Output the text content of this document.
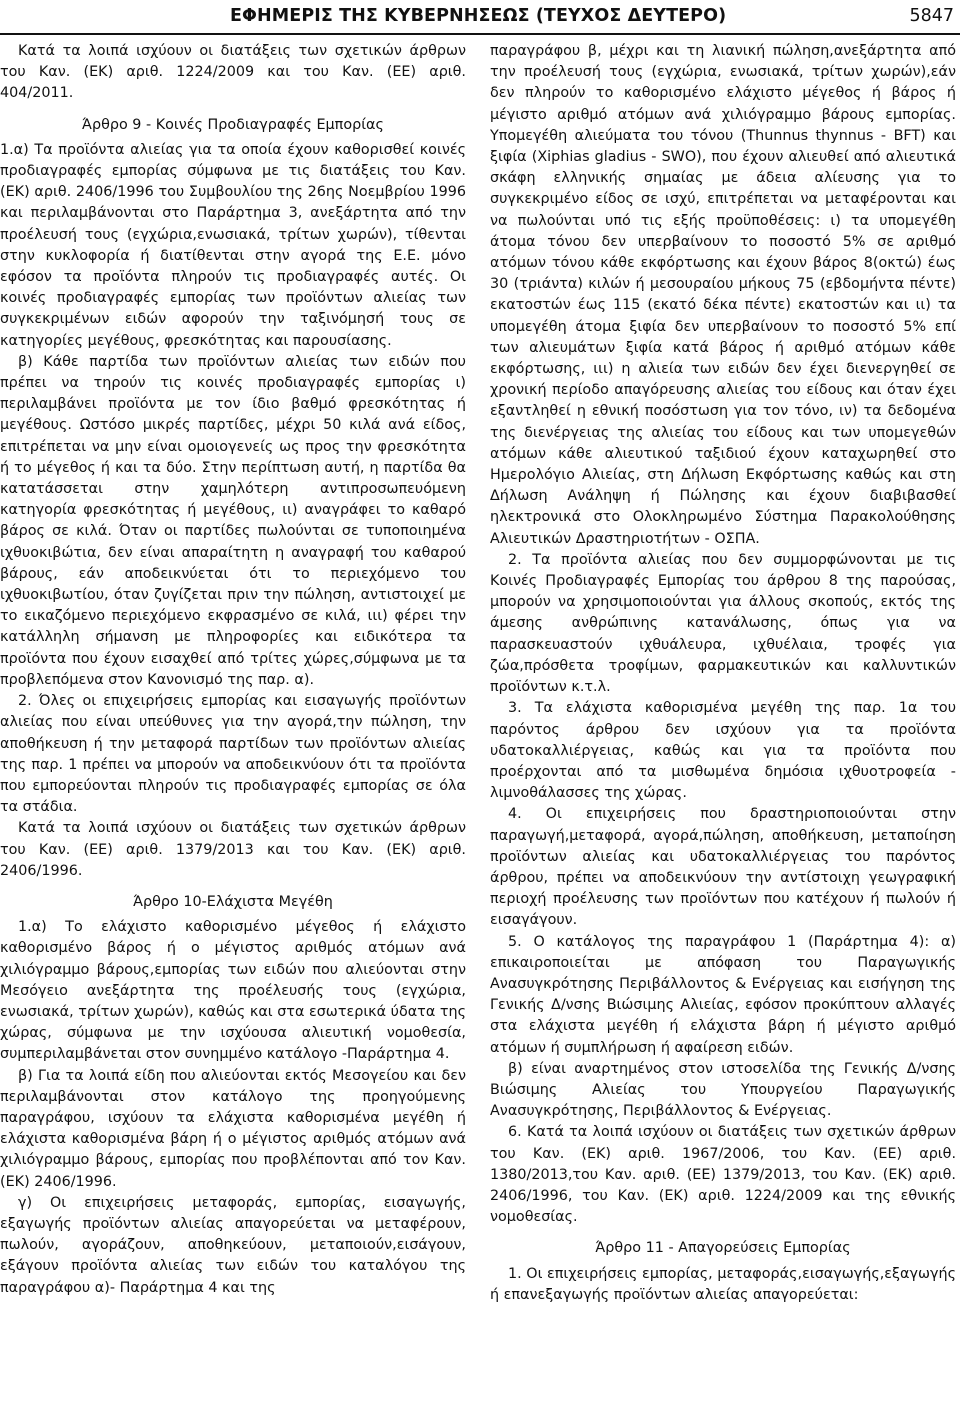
ΕΦΗΜΕΡΙΣ ΤΗΣ ΚΥΒΕΡΝΗΣΕΩΣ (ΤΕΥΧΟΣ ΔΕΥΤΕΡΟ)	5847

Κατά τα λοιπά ισχύουν οι διατάξεις των σχετικών άρθρων του Καν. (ΕΚ) αριθ. 1224/2009 και του Καν. (ΕΕ) αριθ. 404/2011.

Άρθρο 9 - Κοινές Προδιαγραφές Εμπορίας

1.α) Τα προϊόντα αλιείας για τα οποία έχουν καθορισθεί κοινές προδιαγραφές εμπορίας σύμφωνα με τις διατάξεις του Καν. (ΕΚ) αριθ. 2406/1996 του Συμβουλίου της 26ης Νοεμβρίου 1996 και περιλαμβάνονται στο Παράρτημα 3, ανεξάρτητα από την προέλευσή τους (εγχώρια,ενωσιακά, τρίτων χωρών), τίθενται στην κυκλοφορία ή διατίθενται στην αγορά της Ε.Ε. μόνο εφόσον τα προϊόντα πληρούν τις προδιαγραφές αυτές. Οι κοινές προδιαγραφές εμπορίας των προϊόντων αλιείας των συγκεκριμένων ειδών αφορούν την ταξινόμησή τους σε κατηγορίες μεγέθους, φρεσκότητας και παρουσίασης.

β) Κάθε παρτίδα των προϊόντων αλιείας των ειδών που πρέπει να τηρούν τις κοινές προδιαγραφές εμπορίας ι) περιλαμβάνει προϊόντα με τον ίδιο βαθμό φρεσκότητας ή μεγέθους. Ωστόσο μικρές παρτίδες, μέχρι 50 κιλά ανά είδος, επιτρέπεται να μην είναι ομοιογενείς ως προς την φρεσκότητα ή το μέγεθος ή και τα δύο. Στην περίπτωση αυτή, η παρτίδα θα κατατάσσεται στην χαμηλότερη αντιπροσωπευόμενη κατηγορία φρεσκότητας ή μεγέθους, ιι) αναγράφει το καθαρό βάρος σε κιλά. Όταν οι παρτίδες πωλούνται σε τυποποιημένα ιχθυοκιβώτια, δεν είναι απαραίτητη η αναγραφή του καθαρού βάρους, εάν αποδεικνύεται ότι το περιεχόμενο του ιχθυοκιβωτίου, όταν ζυγίζεται πριν την πώληση, αντιστοιχεί με το εικαζόμενο περιεχόμενο εκφρασμένο σε κιλά, ιιι) φέρει την κατάλληλη σήμανση με πληροφορίες και ειδικότερα τα προϊόντα που έχουν εισαχθεί από τρίτες χώρες,σύμφωνα με τα προβλεπόμενα στον Κανονισμό της παρ. α).

2. Όλες οι επιχειρήσεις εμπορίας και εισαγωγής προϊόντων αλιείας που είναι υπεύθυνες για την αγορά,την πώληση, την αποθήκευση ή την μεταφορά παρτίδων των προϊόντων αλιείας της παρ. 1 πρέπει να μπορούν να αποδεικνύουν ότι τα προϊόντα που εμπορεύονται πληρούν τις προδιαγραφές εμπορίας σε όλα τα στάδια.

Κατά τα λοιπά ισχύουν οι διατάξεις των σχετικών άρθρων του Καν. (ΕΕ) αριθ. 1379/2013 και του Καν. (ΕΚ) αριθ. 2406/1996.

Άρθρο 10-Ελάχιστα Μεγέθη

1.α) Το ελάχιστο καθορισμένο μέγεθος ή ελάχιστο καθορισμένο βάρος ή ο μέγιστος αριθμός ατόμων ανά χιλιόγραμμο βάρους,εμπορίας των ειδών που αλιεύονται στην Μεσόγειο ανεξάρτητα της προέλευσής τους (εγχώρια, ενωσιακά, τρίτων χωρών), καθώς και στα εσωτερικά ύδατα της χώρας, σύμφωνα με την ισχύουσα αλιευτική νομοθεσία, συμπεριλαμβάνεται στον συνημμένο κατάλογο -Παράρτημα 4.

β) Για τα λοιπά είδη που αλιεύονται εκτός Μεσογείου και δεν περιλαμβάνονται στον κατάλογο της προηγούμενης παραγράφου, ισχύουν τα ελάχιστα καθορισμένα μεγέθη ή ελάχιστα καθορισμένα βάρη ή ο μέγιστος αριθμός ατόμων ανά χιλιόγραμμο βάρους, εμπορίας που προβλέπονται από τον Καν. (ΕΚ) 2406/1996.

γ) Οι επιχειρήσεις μεταφοράς, εμπορίας, εισαγωγής, εξαγωγής προϊόντων αλιείας απαγορεύεται να μεταφέρουν, πωλούν, αγοράζουν, αποθηκεύουν, μεταποιούν,εισάγουν, εξάγουν προϊόντα αλιείας των ειδών του καταλόγου της παραγράφου α)- Παράρτημα 4 και της

παραγράφου β, μέχρι και τη λιανική πώληση,ανεξάρτητα από την προέλευσή τους (εγχώρια, ενωσιακά, τρίτων χωρών),εάν δεν πληρούν το καθορισμένο ελάχιστο μέγεθος ή βάρος ή μέγιστο αριθμό ατόμων ανά χιλιόγραμμο βάρους εμπορίας. Υπομεγέθη αλιεύματα του τόνου (Thunnus thynnus - BFT) και ξιφία (Xiphias gladius - SWO), που έχουν αλιευθεί από αλιευτικά σκάφη ελληνικής σημαίας με άδεια αλίευσης για το συγκεκριμένο είδος σε ισχύ, επιτρέπεται να μεταφέρονται και να πωλούνται υπό τις εξής προϋποθέσεις: ι) τα υπομεγέθη άτομα τόνου δεν υπερβαίνουν το ποσοστό 5% σε αριθμό ατόμων τόνου κάθε εκφόρτωσης και έχουν βάρος 8(οκτώ) έως 30 (τριάντα) κιλών ή μεσουραίου μήκους 75 (εβδομήντα πέντε) εκατοστών έως 115 (εκατό δέκα πέντε) εκατοστών και ιι) τα υπομεγέθη άτομα ξιφία δεν υπερβαίνουν το ποσοστό 5% επί των αλιευμάτων ξιφία κατά βάρος ή αριθμό ατόμων κάθε εκφόρτωσης, ιιι) η αλιεία των ειδών δεν έχει διενεργηθεί σε χρονική περίοδο απαγόρευσης αλιείας του είδους και όταν έχει εξαντληθεί η εθνική ποσόστωση για τον τόνο, ιν) τα δεδομένα της διενέργειας της αλιείας του είδους και των υπομεγεθών ατόμων κάθε αλιευτικού ταξιδιού έχουν καταχωρηθεί στο Ημερολόγιο Αλιείας, στη Δήλωση Εκφόρτωσης καθώς και στη Δήλωση Ανάληψη ή Πώλησης και έχουν διαβιβασθεί ηλεκτρονικά στο Ολοκληρωμένο Σύστημα Παρακολούθησης Αλιευτικών Δραστηριοτήτων - ΟΣΠΑ.

2. Τα προϊόντα αλιείας που δεν συμμορφώνονται με τις Κοινές Προδιαγραφές Εμπορίας του άρθρου 8 της παρούσας, μπορούν να χρησιμοποιούνται για άλλους σκοπούς, εκτός της άμεσης ανθρώπινης κατανάλωσης, όπως για να παρασκευαστούν ιχθυάλευρα, ιχθυέλαια, τροφές για ζώα,πρόσθετα τροφίμων, φαρμακευτικών και καλλυντικών προϊόντων κ.τ.λ.

3. Τα ελάχιστα καθορισμένα μεγέθη της παρ. 1α του παρόντος άρθρου δεν ισχύουν για τα προϊόντα υδατοκαλλιέργειας, καθώς και για τα προϊόντα που προέρχονται από τα μισθωμένα δημόσια ιχθυοτροφεία - λιμνοθάλασσες της χώρας.

4. Οι επιχειρήσεις που δραστηριοποιούνται στην παραγωγή,μεταφορά, αγορά,πώληση, αποθήκευση, μεταποίηση προϊόντων αλιείας και υδατοκαλλιέργειας του παρόντος άρθρου, πρέπει να αποδεικνύουν την αντίστοιχη γεωγραφική περιοχή προέλευσης των προϊόντων που κατέχουν ή πωλούν ή εισαγάγουν.

5. Ο κατάλογος της παραγράφου 1 (Παράρτημα 4): α) επικαιροποιείται με απόφαση του Παραγωγικής Ανασυγκρότησης Περιβάλλοντος & Ενέργειας και εισήγηση της Γενικής Δ/νσης Βιώσιμης Αλιείας, εφόσον προκύπτουν αλλαγές στα ελάχιστα μεγέθη ή ελάχιστα βάρη ή μέγιστο αριθμό ατόμων ή συμπλήρωση ή αφαίρεση ειδών.

β) είναι αναρτημένος στον ιστοσελίδα της Γενικής Δ/νσης Βιώσιμης Αλιείας του Υπουργείου Παραγωγικής Ανασυγκρότησης, Περιβάλλοντος & Ενέργειας.

6. Κατά τα λοιπά ισχύουν οι διατάξεις των σχετικών άρθρων του Καν. (ΕΚ) αριθ. 1967/2006, του Καν. (ΕΕ) αριθ. 1380/2013,του Καν. αριθ. (ΕΕ) 1379/2013, του Καν. (ΕΚ) αριθ. 2406/1996, του Καν. (ΕΚ) αριθ. 1224/2009 και της εθνικής νομοθεσίας.

Άρθρο 11 - Απαγορεύσεις Εμπορίας

1. Οι επιχειρήσεις εμπορίας, μεταφοράς,εισαγωγής,εξαγωγής ή επανεξαγωγής προϊόντων αλιείας απαγορεύεται:
